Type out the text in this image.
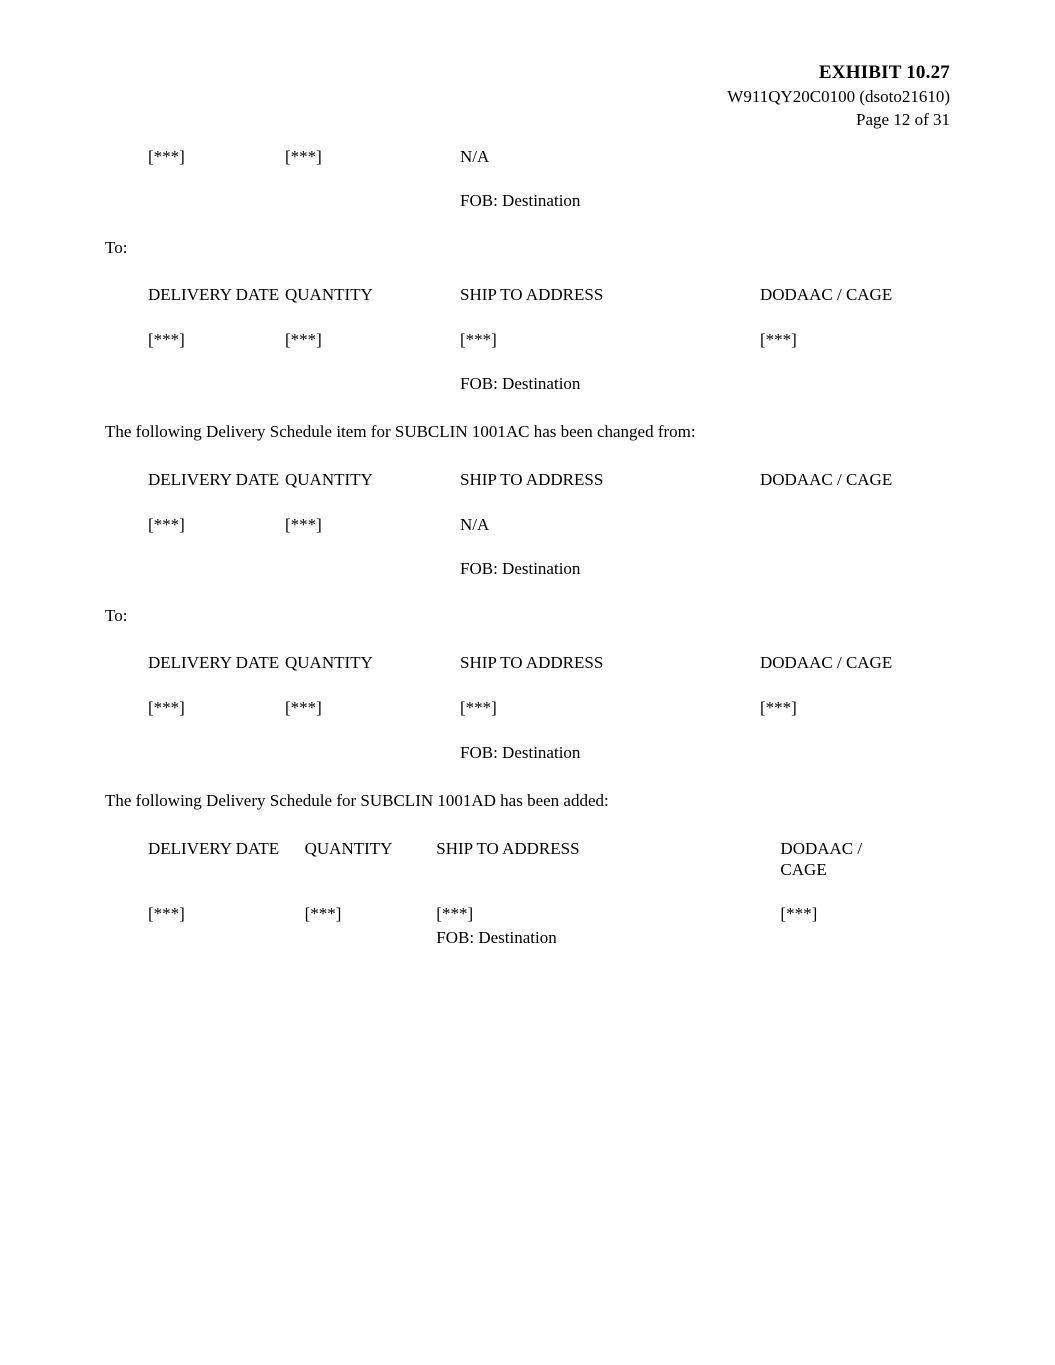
EXHIBIT 10.27
W911QY20C0100 (dsoto21610)
Page 12 of 31
[***]	[***]	N/A
FOB: Destination
To:
DELIVERY DATE QUANTITY	SHIP TO ADDRESS	DODAAC / CAGE
[***]	[***]	[***]	[***]
FOB: Destination
The following Delivery Schedule item for SUBCLIN 1001AC has been changed from:
DELIVERY DATE QUANTITY	SHIP TO ADDRESS	DODAAC / CAGE
[***]	[***]	N/A
FOB: Destination
To:
DELIVERY DATE QUANTITY	SHIP TO ADDRESS	DODAAC / CAGE
[***]	[***]	[***]	[***]
FOB: Destination
The following Delivery Schedule for SUBCLIN 1001AD has been added:
DELIVERY DATE	QUANTITY	SHIP TO ADDRESS	DODAAC /
CAGE
[***]	[***]	[***]	[***]
FOB: Destination
